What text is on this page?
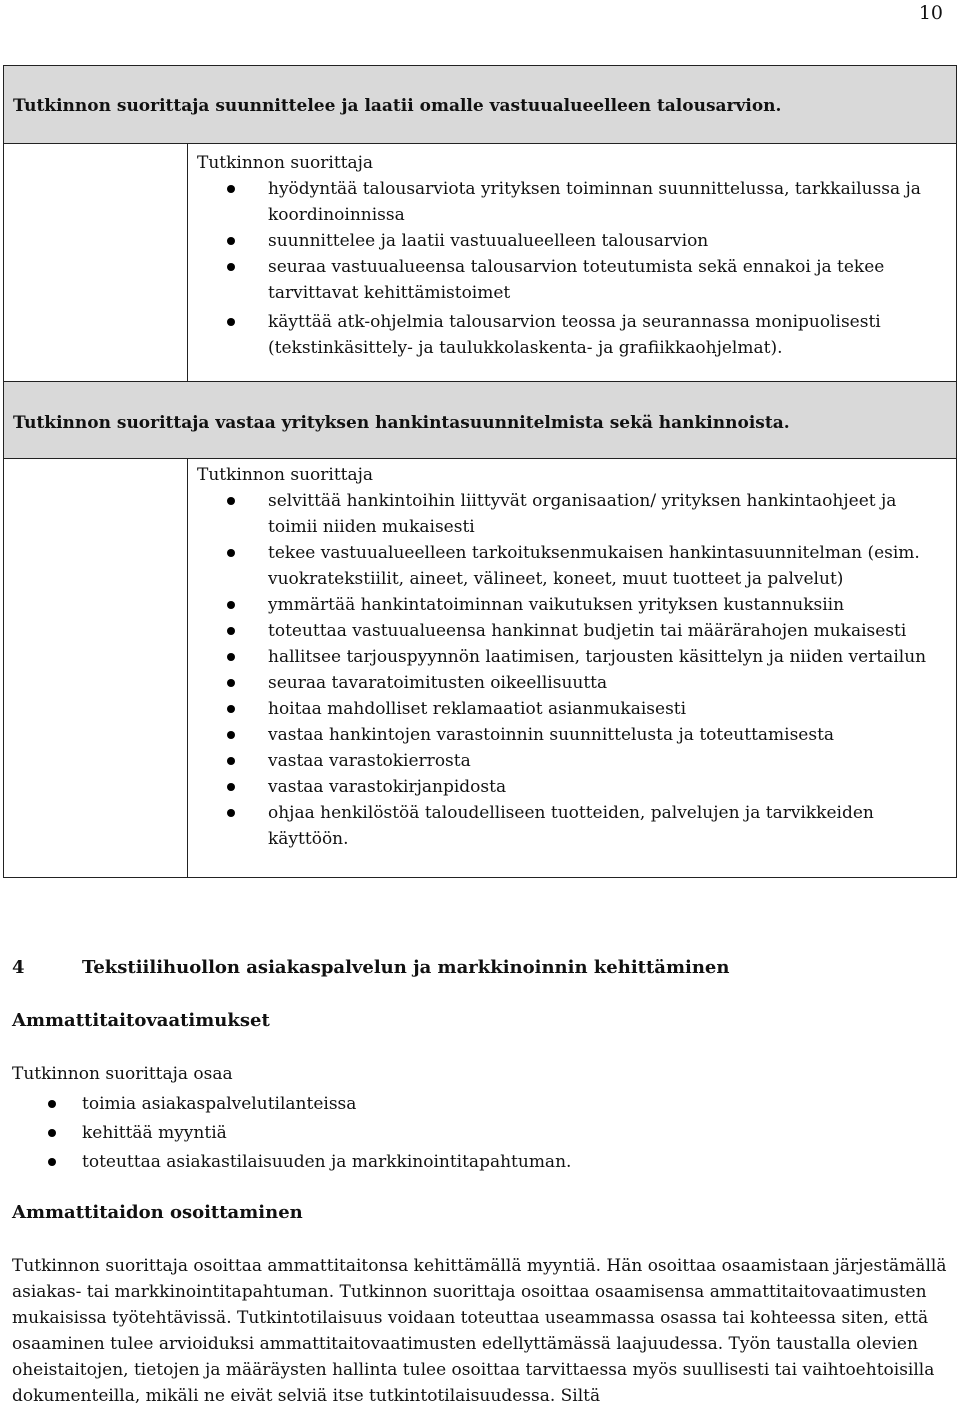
10
Tutkinnon suorittaja suunnittelee ja laatii omalle vastuualueelleen talousarvion.
Tutkinnon suorittaja
hyödyntää talousarviota yrityksen toiminnan suunnittelussa, tarkkailussa ja koordinoinnissa
suunnittelee ja laatii vastuualueelleen talousarvion
seuraa vastuualueensa talousarvion toteutumista sekä ennakoi ja tekee tarvittavat kehittämistoimet
käyttää atk-ohjelmia talousarvion teossa ja seurannassa monipuolisesti (tekstinkäsittely- ja taulukkolaskenta- ja grafiikkaohjelmat).
Tutkinnon suorittaja vastaa yrityksen hankintasuunnitelmista sekä hankinnoista.
Tutkinnon suorittaja
selvittää hankintoihin liittyvät organisaation/ yrityksen hankintaohjeet ja toimii niiden mukaisesti
tekee vastuualueelleen tarkoituksenmukaisen hankintasuunnitelman (esim. vuokratekstiilit, aineet, välineet, koneet, muut tuotteet ja palvelut)
ymmärtää hankintatoiminnan vaikutuksen yrityksen kustannuksiin
toteuttaa vastuualueensa hankinnat budjetin tai määrärahojen mukaisesti
hallitsee tarjouspyynnön laatimisen, tarjousten käsittelyn ja niiden vertailun
seuraa tavaratoimitusten oikeellisuutta
hoitaa mahdolliset reklamaatiot asianmukaisesti
vastaa hankintojen varastoinnin suunnittelusta ja toteuttamisesta
vastaa varastokierrosta
vastaa varastokirjanpidosta
ohjaa henkilöstöä taloudelliseen tuotteiden, palvelujen ja tarvikkeiden käyttöön.
4	Tekstiilihuollon asiakaspalvelun ja markkinoinnin kehittäminen
Ammattitaitovaatimukset
Tutkinnon suorittaja osaa
toimia asiakaspalvelutilanteissa
kehittää myyntiä
toteuttaa asiakastilaisuuden ja markkinointitapahtuman.
Ammattitaidon osoittaminen

Tutkinnon suorittaja osoittaa ammattitaitonsa kehittämällä myyntiä. Hän osoittaa osaamistaan järjestämällä asiakas- tai markkinointitapahtuman. Tutkinnon suorittaja osoittaa osaamisensa ammattitaitovaatimusten mukaisissa työtehtävissä. Tutkintotilaisuus voidaan toteuttaa useammassa osassa tai kohteessa siten, että osaaminen tulee arvioiduksi ammattitaitovaatimusten edellyttämässä laajuudessa. Työn taustalla olevien oheistaitojen, tietojen ja määräysten hallinta tulee osoittaa tarvittaessa myös suullisesti tai vaihtoehtoisilla dokumenteilla, mikäli ne eivät selviä itse tutkintotilaisuudessa. Siltä
